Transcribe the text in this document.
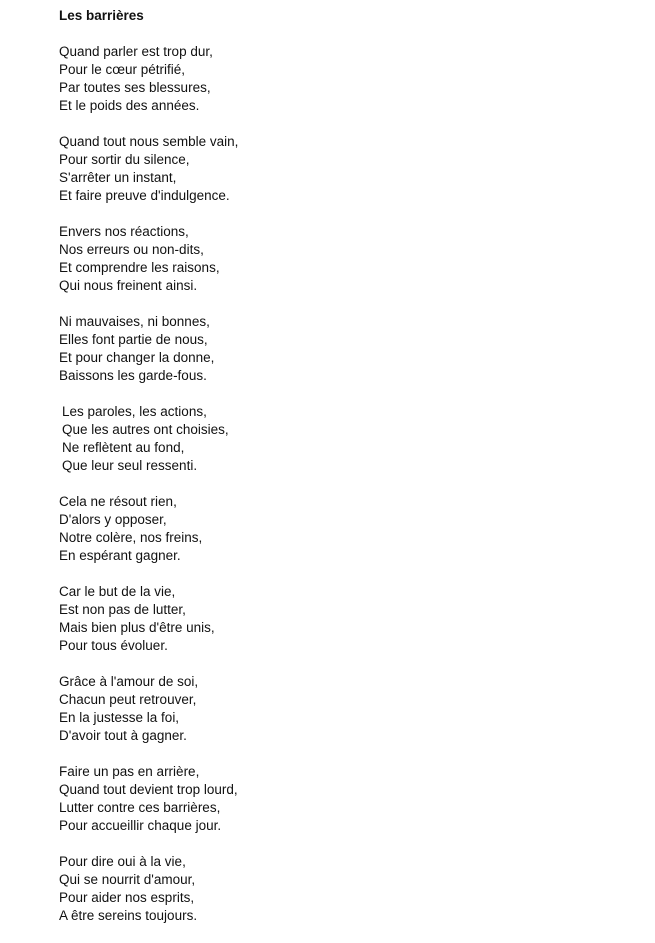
Les barrières

Quand parler est trop dur,
Pour le cœur pétrifié,
Par toutes ses blessures,
Et le poids des années.
Quand tout nous semble vain,
Pour sortir du silence,
S'arrêter un instant,
Et faire preuve d'indulgence.
Envers nos réactions,
Nos erreurs ou non-dits,
Et comprendre les raisons,
Qui nous freinent ainsi.
Ni mauvaises, ni bonnes,
Elles font partie de nous,
Et pour changer la donne,
Baissons les garde-fous.
Les paroles, les actions,
Que les autres ont choisies,
Ne reflètent au fond,
Que leur seul ressenti.
Cela ne résout rien,
D'alors y opposer,
Notre colère, nos freins,
En espérant gagner.
Car le but de la vie,
Est non pas de lutter,
Mais bien plus d'être unis,
Pour tous évoluer.
Grâce à l'amour de soi,
Chacun peut retrouver,
En la justesse la foi,
D'avoir tout à gagner.
Faire un pas en arrière,
Quand tout devient trop lourd,
Lutter contre ces barrières,
Pour accueillir chaque jour.
Pour dire oui à la vie,
Qui se nourrit d'amour,
Pour aider nos esprits,
A être sereins toujours.
